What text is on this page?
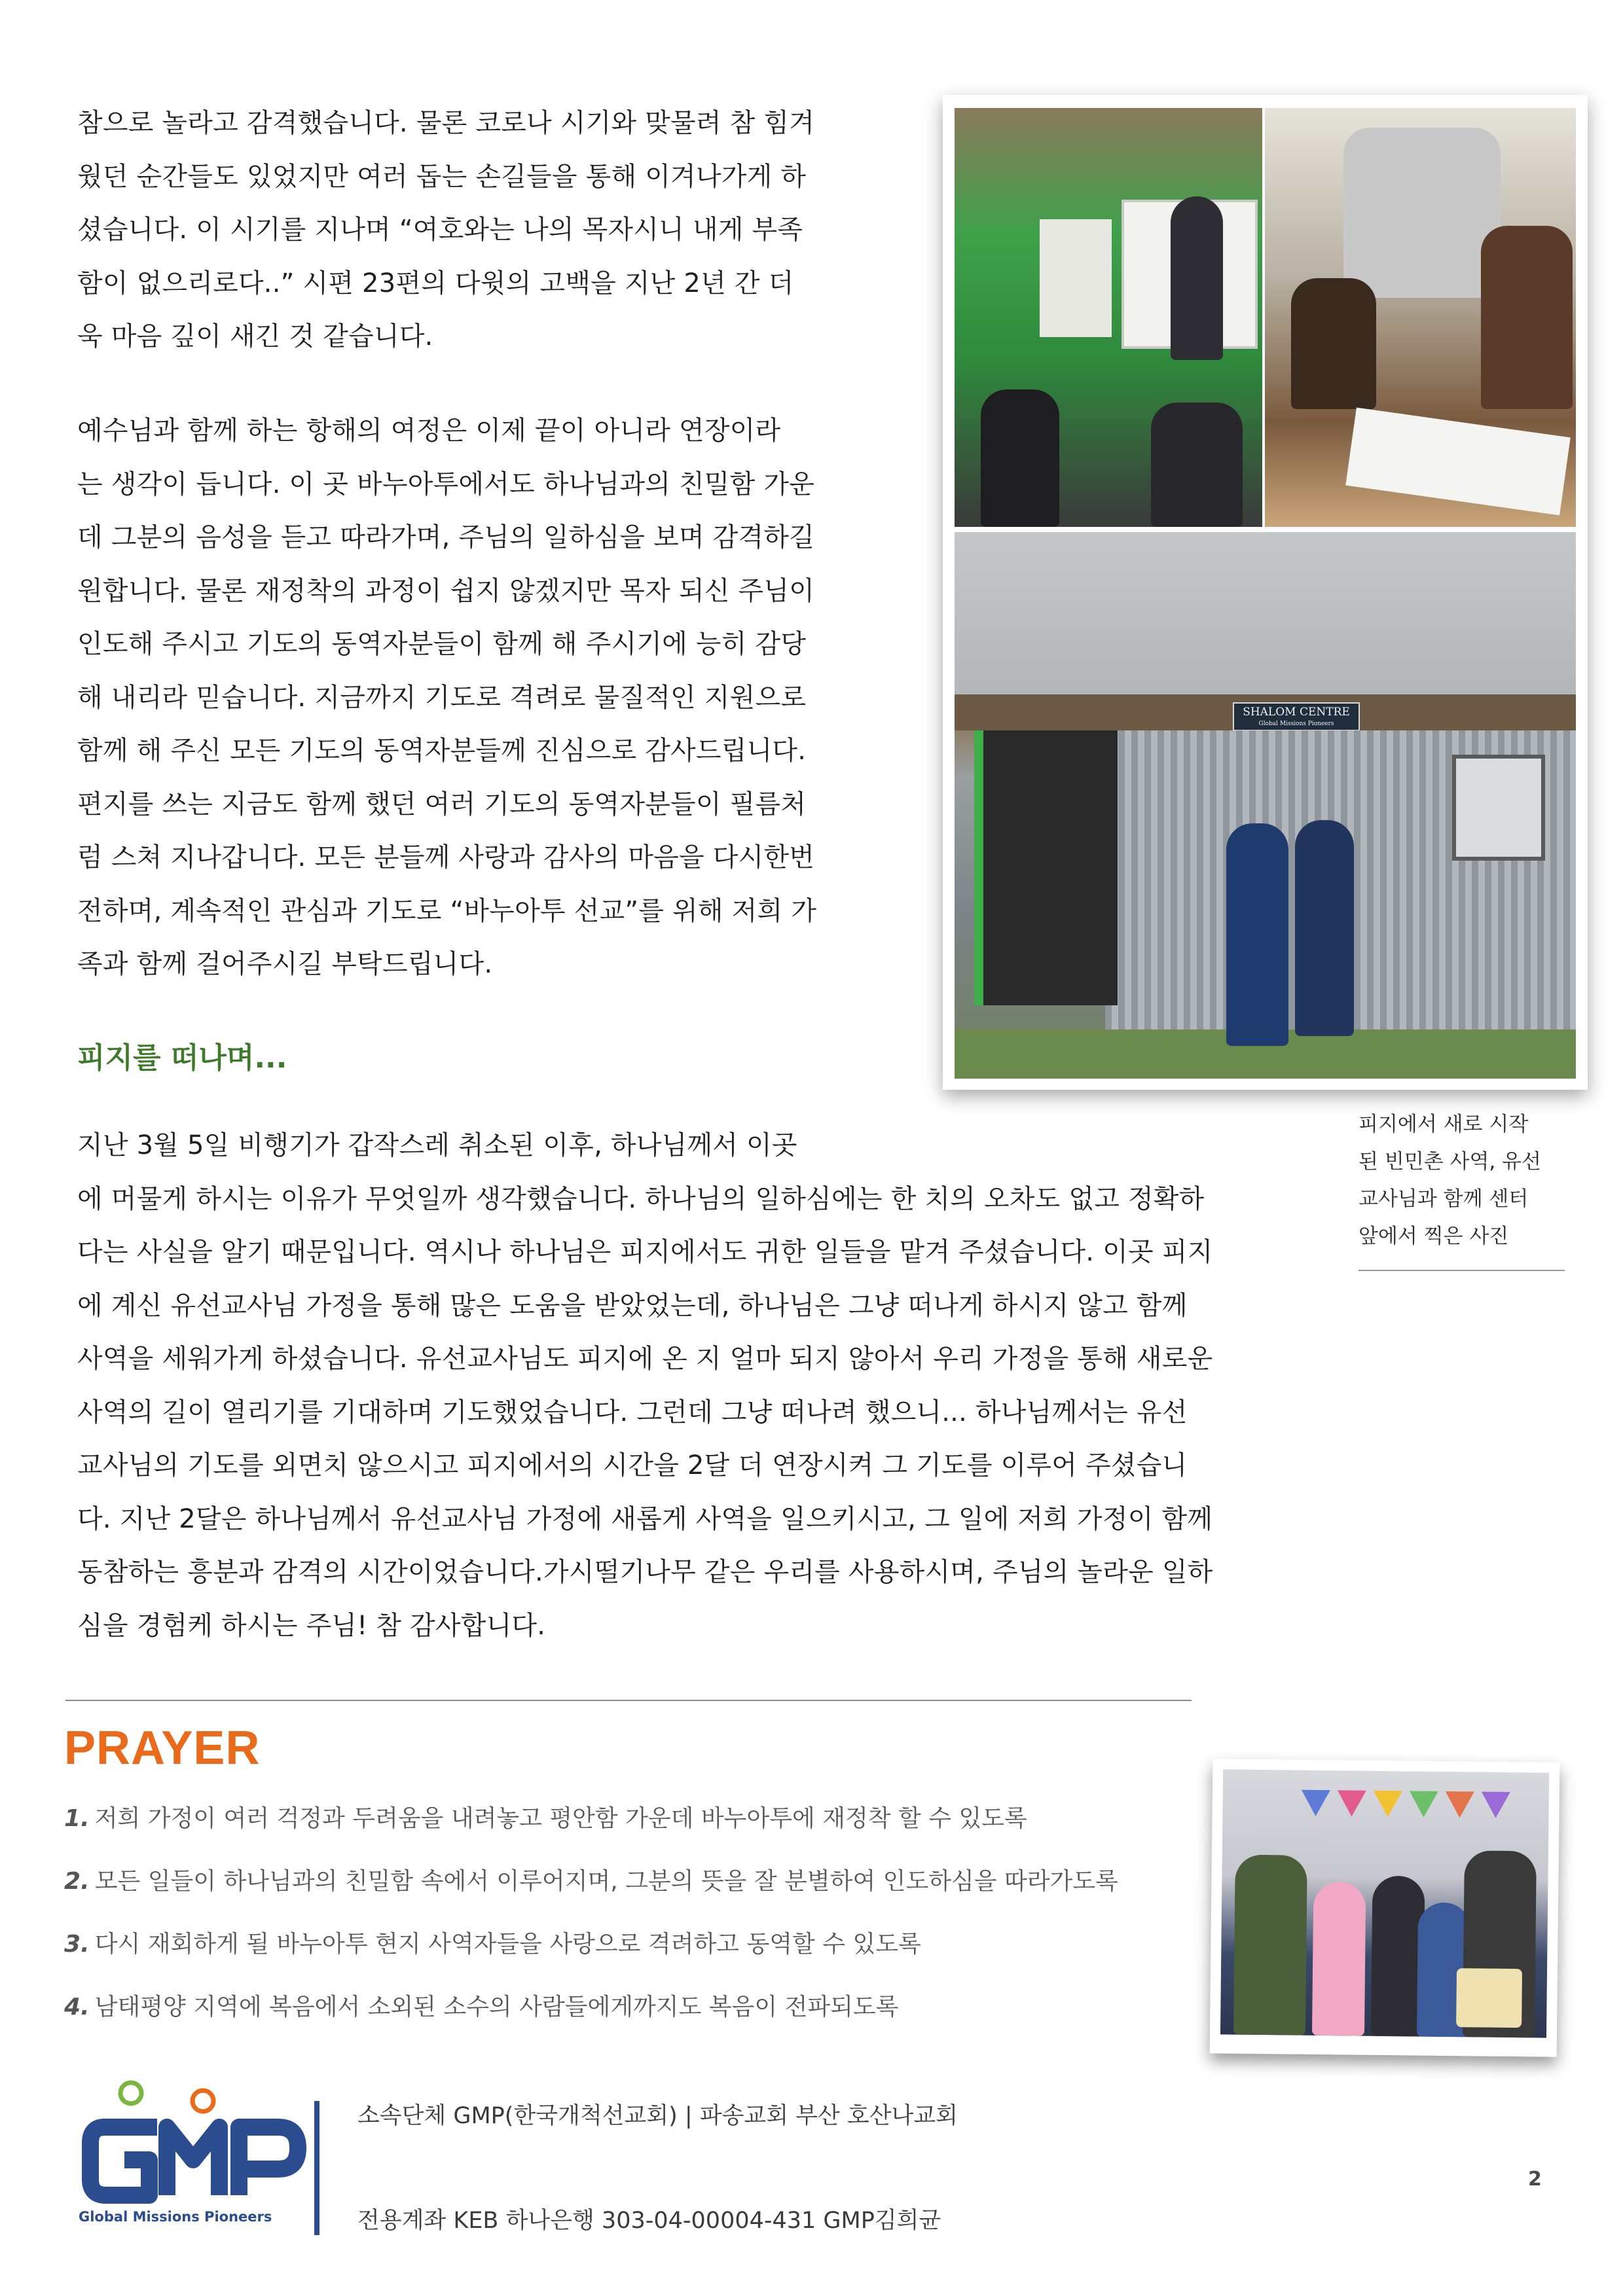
참으로 놀라고 감격했습니다. 물론 코로나 시기와 맞물려 참 힘겨
웠던 순간들도 있었지만 여러 돕는 손길들을 통해 이겨나가게 하
셨습니다. 이 시기를 지나며 “여호와는 나의 목자시니 내게 부족
함이 없으리로다..” 시편 23편의 다윗의 고백을 지난 2년 간 더
욱 마음 깊이 새긴 것 같습니다.
예수님과 함께 하는 항해의 여정은 이제 끝이 아니라 연장이라
는 생각이 듭니다. 이 곳 바누아투에서도 하나님과의 친밀함 가운
데 그분의 음성을 듣고 따라가며, 주님의 일하심을 보며 감격하길
원합니다. 물론 재정착의 과정이 쉽지 않겠지만 목자 되신 주님이
인도해 주시고 기도의 동역자분들이 함께 해 주시기에 능히 감당
해 내리라 믿습니다. 지금까지 기도로 격려로 물질적인 지원으로
함께 해 주신 모든 기도의 동역자분들께 진심으로 감사드립니다.
편지를 쓰는 지금도 함께 했던 여러 기도의 동역자분들이 필름처
럼 스쳐 지나갑니다. 모든 분들께 사랑과 감사의 마음을 다시한번
전하며, 계속적인 관심과 기도로 “바누아투 선교”를 위해 저희 가
족과 함께 걸어주시길 부탁드립니다.
피지를 떠나며...
지난 3월 5일 비행기가 갑작스레 취소된 이후, 하나님께서 이곳
에 머물게 하시는 이유가 무엇일까 생각했습니다. 하나님의 일하심에는 한 치의 오차도 없고 정확하
다는 사실을 알기 때문입니다. 역시나 하나님은 피지에서도 귀한 일들을 맡겨 주셨습니다. 이곳 피지
에 계신 유선교사님 가정을 통해 많은 도움을 받았었는데, 하나님은 그냥 떠나게 하시지 않고 함께
사역을 세워가게 하셨습니다. 유선교사님도 피지에 온 지 얼마 되지 않아서 우리 가정을 통해 새로운
사역의 길이 열리기를 기대하며 기도했었습니다. 그런데 그냥 떠나려 했으니... 하나님께서는 유선
교사님의 기도를 외면치 않으시고 피지에서의 시간을 2달 더 연장시켜 그 기도를 이루어 주셨습니
다. 지난 2달은 하나님께서 유선교사님 가정에 새롭게 사역을 일으키시고, 그 일에 저희 가정이 함께
동참하는 흥분과 감격의 시간이었습니다.가시떨기나무 같은 우리를 사용하시며, 주님의 놀라운 일하
심을 경험케 하시는 주님! 참 감사합니다.
SHALOM CENTRE
Global Missions Pioneers
피지에서 새로 시작
된 빈민촌 사역, 유선
교사님과 함께 센터
앞에서 찍은 사진
PRAYER
1. 저희 가정이 여러 걱정과 두려움을 내려놓고 평안함 가운데 바누아투에 재정착 할 수 있도록
2. 모든 일들이 하나님과의 친밀함 속에서 이루어지며, 그분의 뜻을 잘 분별하여 인도하심을 따라가도록
3. 다시 재회하게 될 바누아투 현지 사역자들을 사랑으로 격려하고 동역할 수 있도록
4. 남태평양 지역에 복음에서 소외된 소수의 사람들에게까지도 복음이 전파되도록
Global Missions Pioneers
소속단체 GMP(한국개척선교회) | 파송교회 부산 호산나교회
전용계좌 KEB 하나은행 303-04-00004-431 GMP김희균
2
